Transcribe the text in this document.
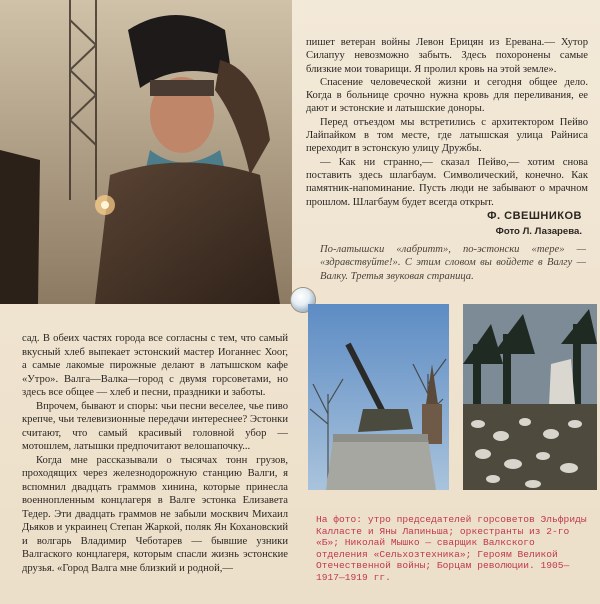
пишет ветеран войны Левон Ерицян из Еревана.— Хутор Силапуу невозможно забыть. Здесь похоронены самые близкие мои товарищи. Я пролил кровь на этой земле».

Спасение человеческой жизни и сегодня общее дело. Когда в больнице срочно нужна кровь для переливания, ее дают и эстонские и латышские доноры.

Перед отъездом мы встретились с архитектором Пейво Лайпайком в том месте, где латышская улица Райниса переходит в эстонскую улицу Дружбы.

— Как ни странно,— сказал Пейво,— хотим снова поставить здесь шлагбаум. Символический, конечно. Как памятник-напоминание. Пусть люди не забывают о мрачном прошлом. Шлагбаум будет всегда открыт.

Ф. СВЕШНИКОВ
Фото Л. Лазарева.
По-латышски «лабритт», по-эстонски «тере» — «здравствуйте!». С этим словом вы войдете в Валгу — Валку. Третья звуковая страница.

сад. В обеих частях города все согласны с тем, что самый вкусный хлеб выпекает эстонский мастер Иоганнес Хоог, а самые лакомые пирожные делают в латышском кафе «Утро». Валга—Валка—город с двумя горсоветами, но здесь все общее — хлеб и песни, праздники и заботы.

Впрочем, бывают и споры: чьи песни веселее, чье пиво крепче, чьи телевизионные передачи интереснее? Эстонки считают, что самый красивый головной убор — мотошлем, латышки предпочитают велошапочку...

Когда мне рассказывали о тысячах тонн грузов, проходящих через железнодорожную станцию Валги, я вспомнил двадцать граммов хинина, которые принесла военнопленным концлагеря в Валге эстонка Елизавета Тедер. Эти двадцать граммов не забыли москвич Михаил Дьяков и украинец Степан Жаркой, поляк Ян Кохановский и волгарь Владимир Чеботарев — бывшие узники Валгаского концлагеря, которым спасли жизнь эстонские друзья. «Город Валга мне близкий и родной,—

На фото: утро председателей горсоветов Эльфриды Калласте и Яны Лапиньша; оркестранты из 2-го «Б»; Николай Мышко — сварщик Валкского отделения «Сельхозтехника»; Героям Великой Отечественной войны; Борцам революции. 1905—1917—1919 гг.
